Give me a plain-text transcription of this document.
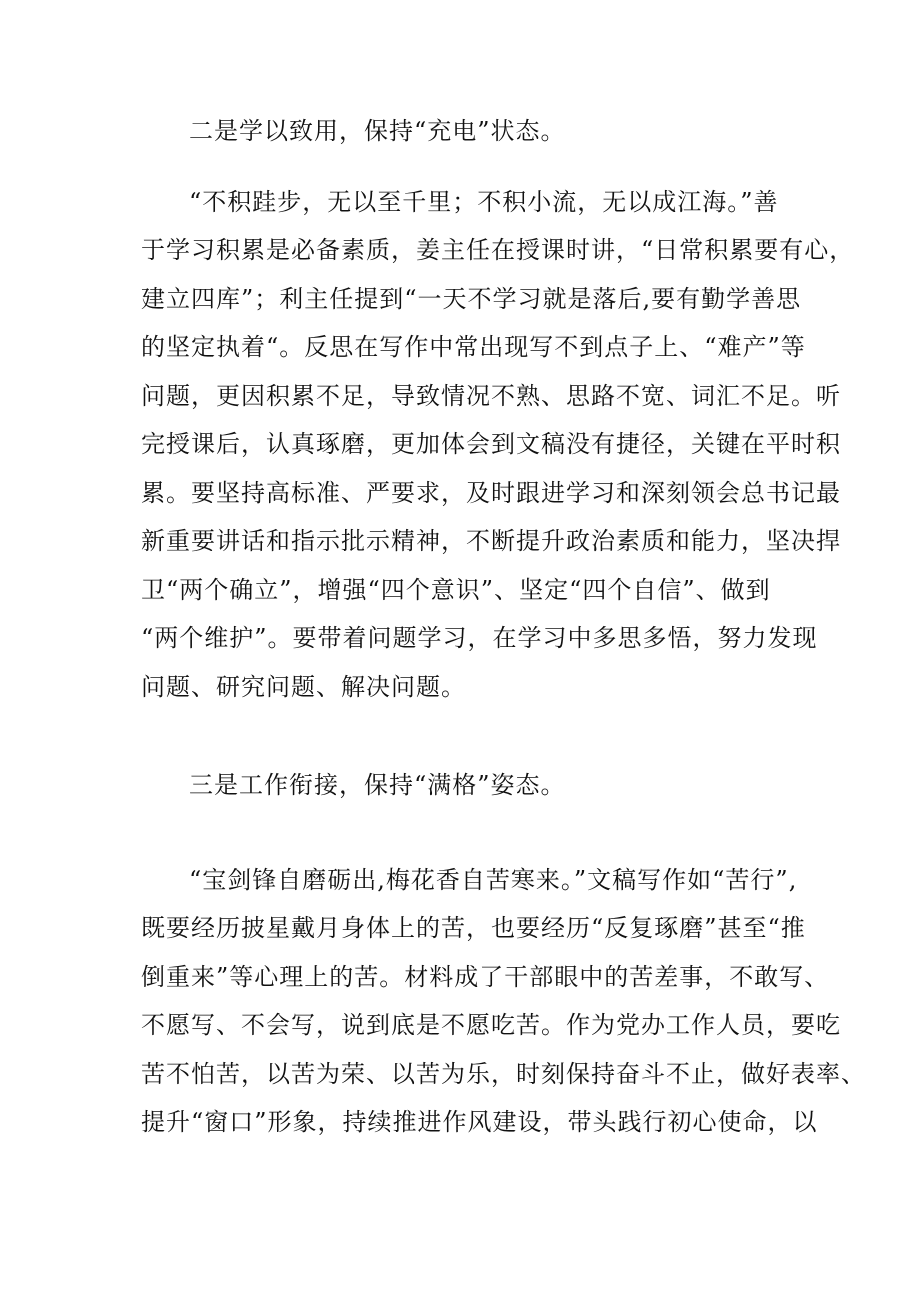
二是学以致用，保持“充电”状态。
“不积跬步，无以至千里；不积小流，无以成江海。”善
于学习积累是必备素质，姜主任在授课时讲，“日常积累要有心，
建立四库”；利主任提到“一天不学习就是落后,要有勤学善思
的坚定执着“。反思在写作中常出现写不到点子上、“难产”等
问题，更因积累不足，导致情况不熟、思路不宽、词汇不足。听
完授课后，认真琢磨，更加体会到文稿没有捷径，关键在平时积
累。要坚持高标准、严要求，及时跟进学习和深刻领会总书记最
新重要讲话和指示批示精神，不断提升政治素质和能力，坚决捍
卫“两个确立”，增强“四个意识”、坚定“四个自信”、做到
“两个维护”。要带着问题学习，在学习中多思多悟，努力发现
问题、研究问题、解决问题。
三是工作衔接，保持“满格”姿态。
“宝剑锋自磨砺出,梅花香自苦寒来。”文稿写作如“苦行”,
既要经历披星戴月身体上的苦，也要经历“反复琢磨”甚至“推
倒重来”等心理上的苦。材料成了干部眼中的苦差事，不敢写、
不愿写、不会写，说到底是不愿吃苦。作为党办工作人员，要吃
苦不怕苦，以苦为荣、以苦为乐，时刻保持奋斗不止，做好表率、
提升“窗口”形象，持续推进作风建设，带头践行初心使命，以
